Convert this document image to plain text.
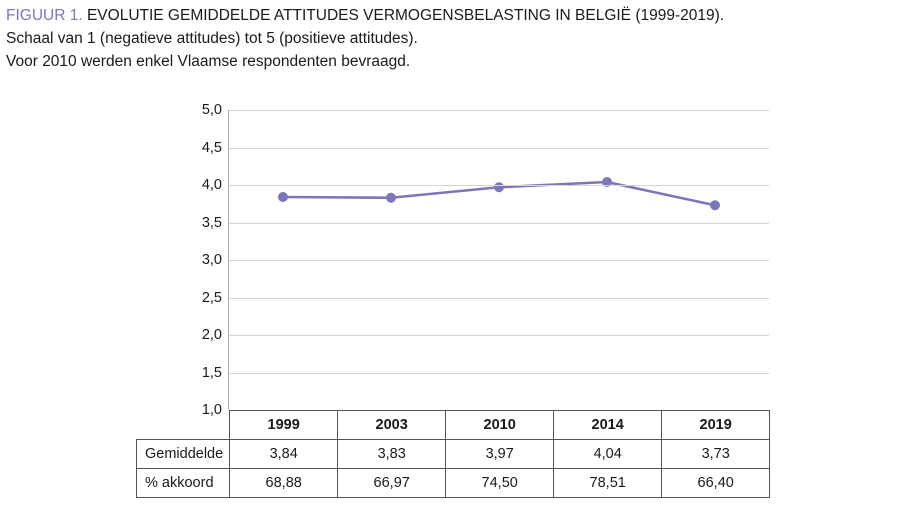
FIGUUR 1. EVOLUTIE GEMIDDELDE ATTITUDES VERMOGENSBELASTING IN BELGIË (1999-2019).
Schaal van 1 (negatieve attitudes) tot 5 (positieve attitudes).
Voor 2010 werden enkel Vlaamse respondenten bevraagd.
5,0
4,5
4,0
3,5
3,0
2,5
2,0
1,5
1,0
	1999	2003	2010	2014	2019
Gemiddelde	3,84	3,83	3,97	4,04	3,73
% akkoord	68,88	66,97	74,50	78,51	66,40
